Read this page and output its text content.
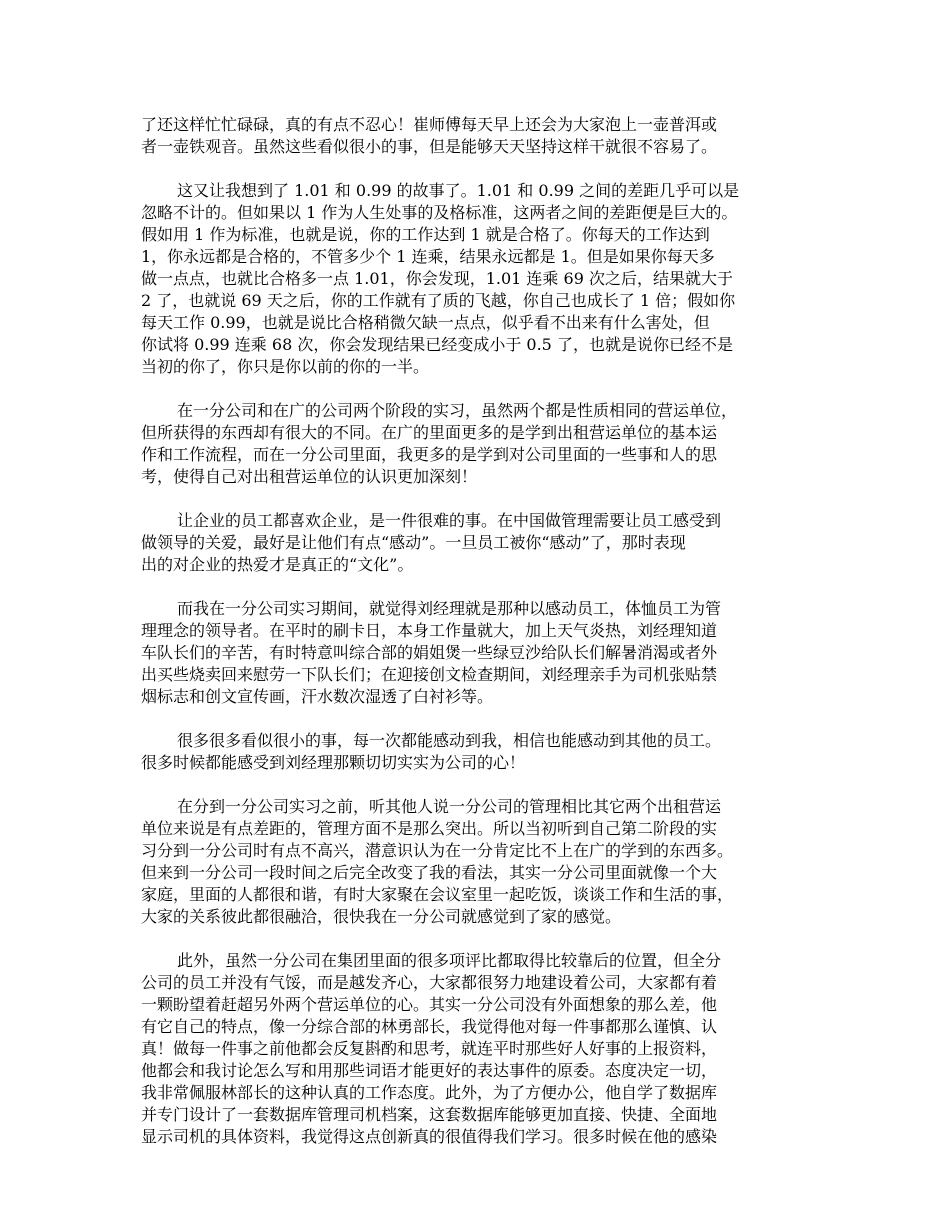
了还这样忙忙碌碌，真的有点不忍心！崔师傅每天早上还会为大家泡上一壶普洱或
者一壶铁观音。虽然这些看似很小的事，但是能够天天坚持这样干就很不容易了。
这又让我想到了 1.01 和 0.99 的故事了。1.01 和 0.99 之间的差距几乎可以是
忽略不计的。但如果以 1 作为人生处事的及格标准，这两者之间的差距便是巨大的。
假如用 1 作为标准，也就是说，你的工作达到 1 就是合格了。你每天的工作达到
1，你永远都是合格的，不管多少个 1 连乘，结果永远都是 1。但是如果你每天多
做一点点，也就比合格多一点 1.01，你会发现，1.01 连乘 69 次之后，结果就大于
2 了，也就说 69 天之后，你的工作就有了质的飞越，你自己也成长了 1 倍；假如你
每天工作 0.99，也就是说比合格稍微欠缺一点点，似乎看不出来有什么害处，但
你试将 0.99 连乘 68 次，你会发现结果已经变成小于 0.5 了，也就是说你已经不是
当初的你了，你只是你以前的你的一半。
在一分公司和在广的公司两个阶段的实习，虽然两个都是性质相同的营运单位，
但所获得的东西却有很大的不同。在广的里面更多的是学到出租营运单位的基本运
作和工作流程，而在一分公司里面，我更多的是学到对公司里面的一些事和人的思
考，使得自己对出租营运单位的认识更加深刻！
让企业的员工都喜欢企业，是一件很难的事。在中国做管理需要让员工感受到
做领导的关爱，最好是让他们有点“感动”。一旦员工被你“感动”了，那时表现
出的对企业的热爱才是真正的“文化”。
而我在一分公司实习期间，就觉得刘经理就是那种以感动员工，体恤员工为管
理理念的领导者。在平时的刷卡日，本身工作量就大，加上天气炎热，刘经理知道
车队长们的辛苦，有时特意叫综合部的娟姐煲一些绿豆沙给队长们解暑消渴或者外
出买些烧卖回来慰劳一下队长们；在迎接创文检查期间，刘经理亲手为司机张贴禁
烟标志和创文宣传画，汗水数次湿透了白衬衫等。
很多很多看似很小的事，每一次都能感动到我，相信也能感动到其他的员工。
很多时候都能感受到刘经理那颗切切实实为公司的心！
在分到一分公司实习之前，听其他人说一分公司的管理相比其它两个出租营运
单位来说是有点差距的，管理方面不是那么突出。所以当初听到自己第二阶段的实
习分到一分公司时有点不高兴，潜意识认为在一分肯定比不上在广的学到的东西多。
但来到一分公司一段时间之后完全改变了我的看法，其实一分公司里面就像一个大
家庭，里面的人都很和谐，有时大家聚在会议室里一起吃饭，谈谈工作和生活的事，
大家的关系彼此都很融洽，很快我在一分公司就感觉到了家的感觉。
此外，虽然一分公司在集团里面的很多项评比都取得比较靠后的位置，但全分
公司的员工并没有气馁，而是越发齐心，大家都很努力地建设着公司，大家都有着
一颗盼望着赶超另外两个营运单位的心。其实一分公司没有外面想象的那么差，他
有它自己的特点，像一分综合部的林勇部长，我觉得他对每一件事都那么谨慎、认
真！做每一件事之前他都会反复斟酌和思考，就连平时那些好人好事的上报资料，
他都会和我讨论怎么写和用那些词语才能更好的表达事件的原委。态度决定一切，
我非常佩服林部长的这种认真的工作态度。此外，为了方便办公，他自学了数据库
并专门设计了一套数据库管理司机档案，这套数据库能够更加直接、快捷、全面地
显示司机的具体资料，我觉得这点创新真的很值得我们学习。很多时候在他的感染
